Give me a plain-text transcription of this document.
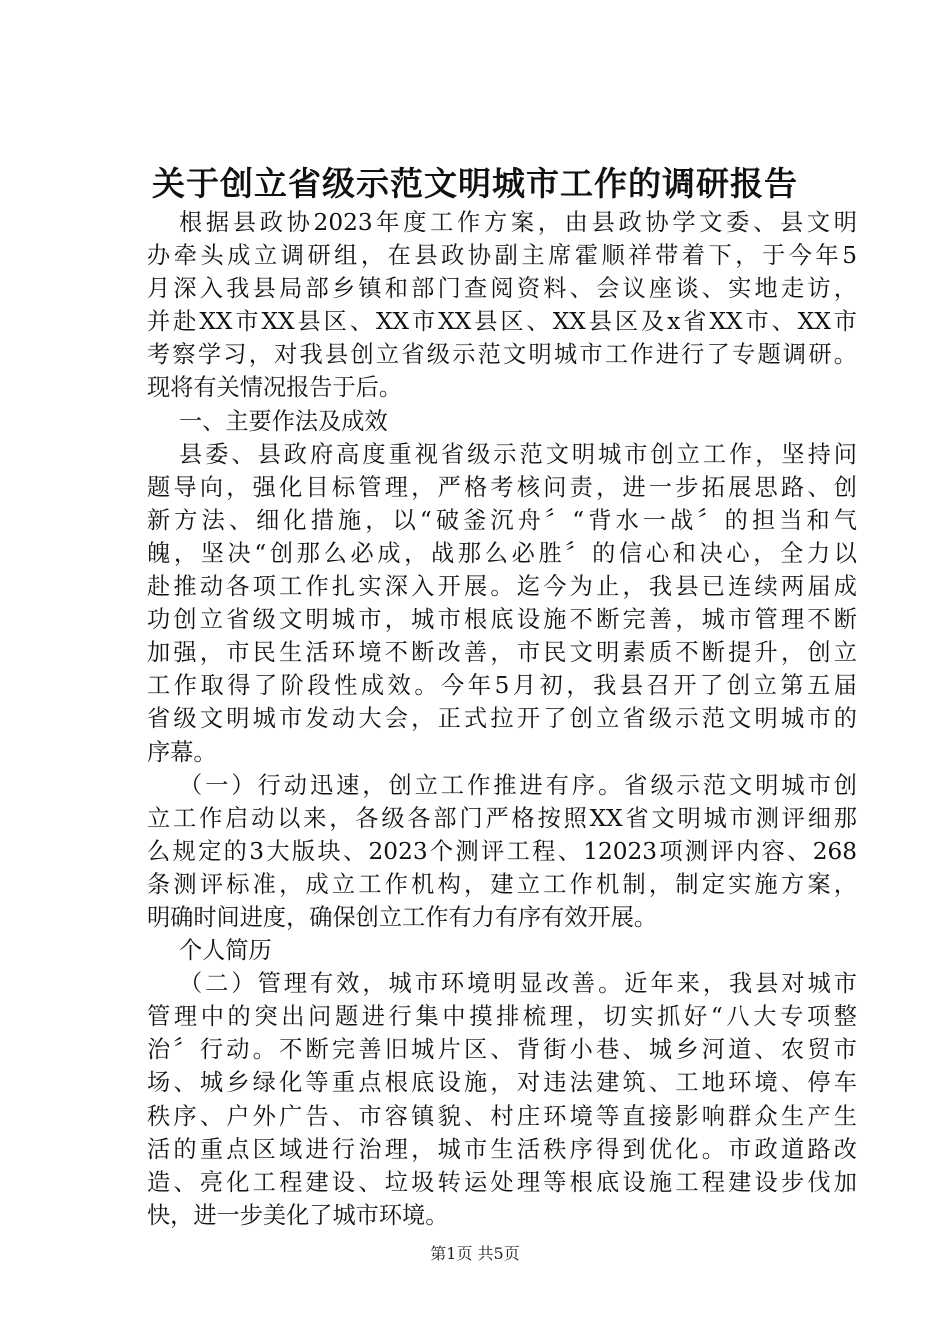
关于创立省级示范文明城市工作的调研报告
根据县政协2023年度工作方案，由县政协学文委、县文明
办牵头成立调研组，在县政协副主席霍顺祥带着下，于今年5
月深入我县局部乡镇和部门查阅资料、会议座谈、实地走访，
并赴XX市XX县区、XX市XX县区、XX县区及x省XX市、XX市
考察学习，对我县创立省级示范文明城市工作进行了专题调研。
现将有关情况报告于后。
一、主要作法及成效
县委、县政府高度重视省级示范文明城市创立工作，坚持问
题导向，强化目标管理，严格考核问责，进一步拓展思路、创
新方法、细化措施，以“破釜沉舟〞“背水一战〞的担当和气
魄，坚决“创那么必成，战那么必胜〞的信心和决心，全力以
赴推动各项工作扎实深入开展。迄今为止，我县已连续两届成
功创立省级文明城市，城市根底设施不断完善，城市管理不断
加强，市民生活环境不断改善，市民文明素质不断提升，创立
工作取得了阶段性成效。今年5月初，我县召开了创立第五届
省级文明城市发动大会，正式拉开了创立省级示范文明城市的
序幕。
（一）行动迅速，创立工作推进有序。省级示范文明城市创
立工作启动以来，各级各部门严格按照XX省文明城市测评细那
么规定的3大版块、2023个测评工程、12023项测评内容、268
条测评标准，成立工作机构，建立工作机制，制定实施方案，
明确时间进度，确保创立工作有力有序有效开展。
个人简历
（二）管理有效，城市环境明显改善。近年来，我县对城市
管理中的突出问题进行集中摸排梳理，切实抓好“八大专项整
治〞行动。不断完善旧城片区、背街小巷、城乡河道、农贸市
场、城乡绿化等重点根底设施，对违法建筑、工地环境、停车
秩序、户外广告、市容镇貌、村庄环境等直接影响群众生产生
活的重点区域进行治理，城市生活秩序得到优化。市政道路改
造、亮化工程建设、垃圾转运处理等根底设施工程建设步伐加
快，进一步美化了城市环境。
第1页 共5页
